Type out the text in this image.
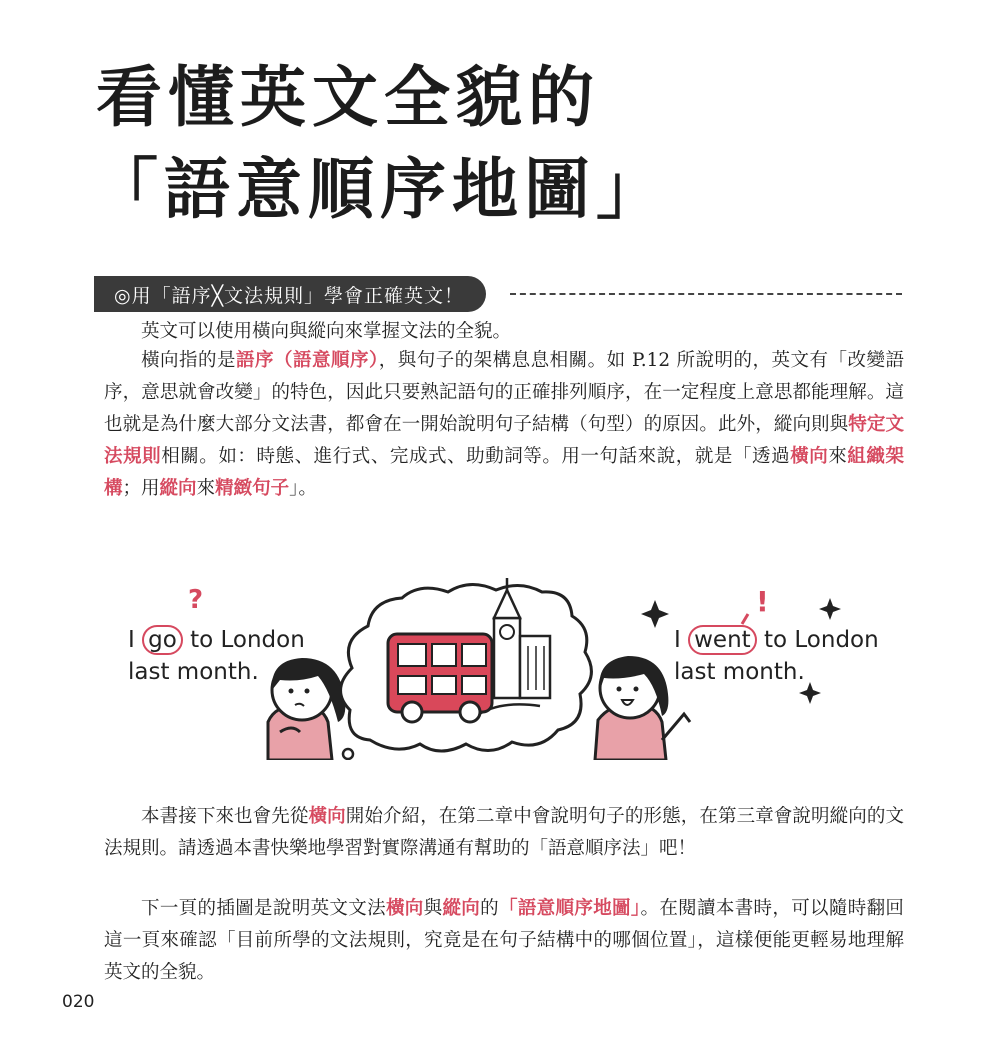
看懂英文全貌的
「語意順序地圖」
◎用「語序╳文法規則」學會正確英文！

英文可以使用橫向與縱向來掌握文法的全貌。

橫向指的是語序（語意順序），與句子的架構息息相關。如 P.12 所說明的，英文有「改變語序，意思就會改變」的特色，因此只要熟記語句的正確排列順序，在一定程度上意思都能理解。這也就是為什麼大部分文法書，都會在一開始說明句子結構（句型）的原因。此外，縱向則與特定文法規則相關。如：時態、進行式、完成式、助動詞等。用一句話來說，就是「透過橫向來組織架構；用縱向來精緻句子」。

I go to London
last month.
?
I went to London
last month.
!

本書接下來也會先從橫向開始介紹，在第二章中會說明句子的形態，在第三章會說明縱向的文法規則。請透過本書快樂地學習對實際溝通有幫助的「語意順序法」吧！

下一頁的插圖是說明英文文法橫向與縱向的「語意順序地圖」。在閱讀本書時，可以隨時翻回這一頁來確認「目前所學的文法規則，究竟是在句子結構中的哪個位置」，這樣便能更輕易地理解英文的全貌。

020
